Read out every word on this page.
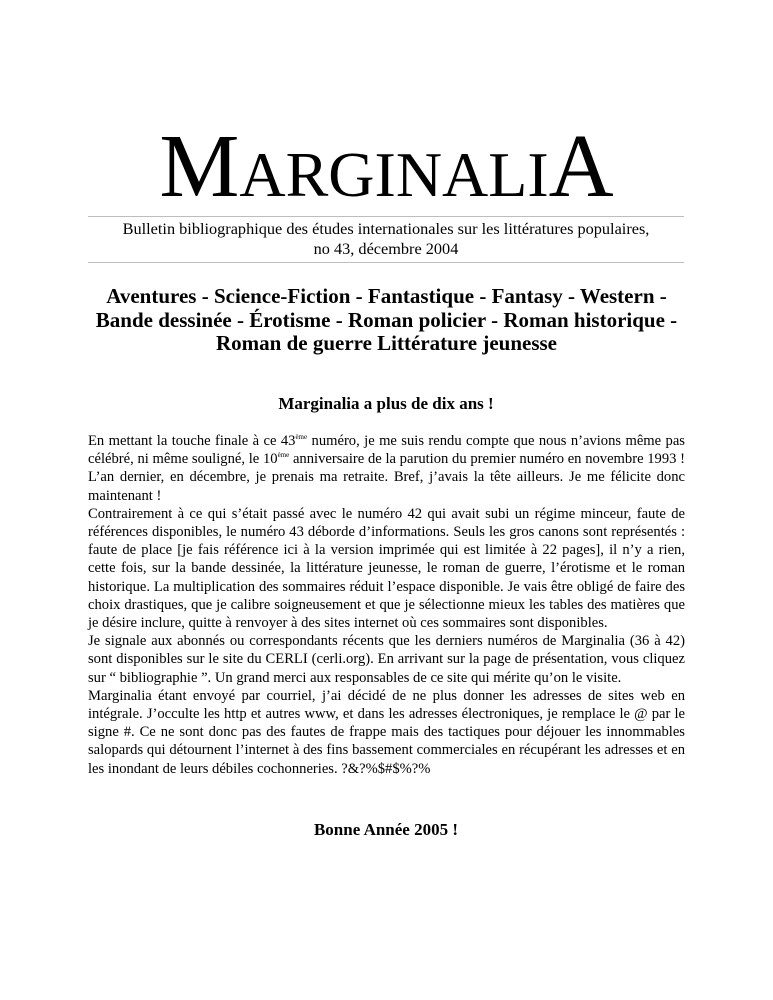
MARGINALIA
Bulletin bibliographique des études internationales sur les littératures populaires,
no 43, décembre 2004
Aventures - Science-Fiction - Fantastique - Fantasy - Western -
Bande dessinée - Érotisme - Roman policier - Roman historique -
Roman de guerre Littérature jeunesse
Marginalia a plus de dix ans !

En mettant la touche finale à ce 43ème numéro, je me suis rendu compte que nous n’avions même pas célébré, ni même souligné, le 10ème anniversaire de la parution du premier numéro en novembre 1993 ! L’an dernier, en décembre, je prenais ma retraite. Bref, j’avais la tête ailleurs. Je me félicite donc maintenant !

Contrairement à ce qui s’était passé avec le numéro 42 qui avait subi un régime minceur, faute de références disponibles, le numéro 43 déborde d’informations. Seuls les gros canons sont représentés : faute de place [je fais référence ici à la version imprimée qui est limitée à 22 pages], il n’y a rien, cette fois, sur la bande dessinée, la littérature jeunesse, le roman de guerre, l’érotisme et le roman historique. La multiplication des sommaires réduit l’espace disponible. Je vais être obligé de faire des choix drastiques, que je calibre soigneusement et que je sélectionne mieux les tables des matières que je désire inclure, quitte à renvoyer à des sites internet où ces sommaires sont disponibles.

Je signale aux abonnés ou correspondants récents que les derniers numéros de Marginalia (36 à 42) sont disponibles sur le site du CERLI (cerli.org). En arrivant sur la page de présentation, vous cliquez sur “ bibliographie ”. Un grand merci aux responsables de ce site qui mérite qu’on le visite.

Marginalia étant envoyé par courriel, j’ai décidé de ne plus donner les adresses de sites web en intégrale. J’occulte les http et autres www, et dans les adresses électroniques, je remplace le @ par le signe #. Ce ne sont donc pas des fautes de frappe mais des tactiques pour déjouer les innommables salopards qui détournent l’internet à des fins bassement commerciales en récupérant les adresses et en les inondant de leurs débiles cochonneries. ?&?%$#$%?%

Bonne Année 2005 !
